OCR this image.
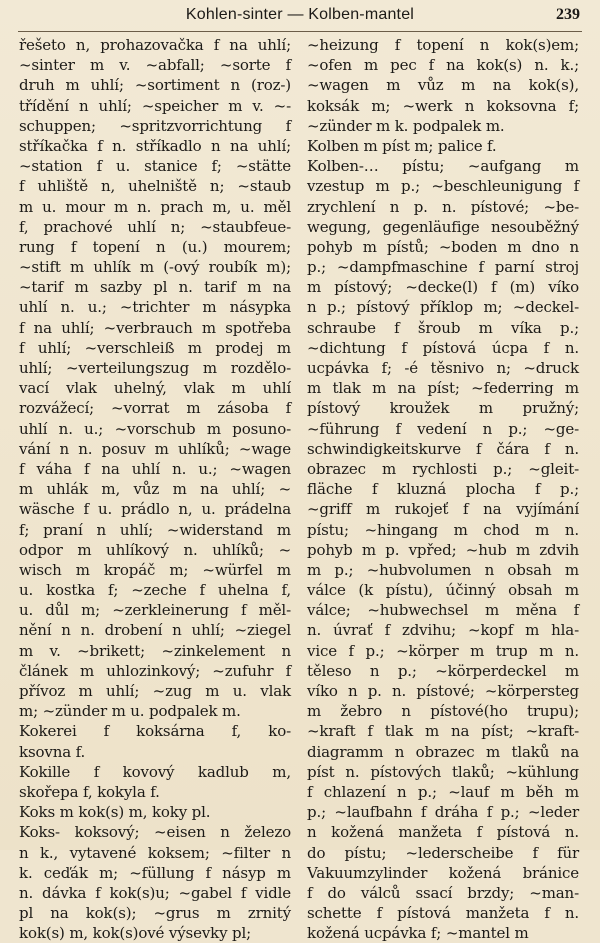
Kohlen-sinter — Kolben-mantel	239
řešeto n, prohazovačka f na uhlí;
~sinter m v. ~abfall; ~sorte f
druh m uhlí; ~sortiment n (roz-)
třídění n uhlí; ~speicher m v. ~-
schuppen; ~spritzvorrichtung f
stříkačka f n. stříkadlo n na uhlí;
~station f u. stanice f; ~stätte
f uhliště n, uhelniště n; ~staub
m u. mour m n. prach m, u. měl
f, prachové uhlí n; ~staubfeue-
rung f topení n (u.) mourem;
~stift m uhlík m (-ový roubík m);
~tarif m sazby pl n. tarif m na
uhlí n. u.; ~trichter m násypka
f na uhlí; ~verbrauch m spotřeba
f uhlí; ~verschleiß m prodej m
uhlí; ~verteilungszug m rozdělo-
vací vlak uhelný, vlak m uhlí
rozvážecí; ~vorrat m zásoba f
uhlí n. u.; ~vorschub m posuno-
vání n n. posuv m uhlíků; ~wage
f váha f na uhlí n. u.; ~wagen
m uhlák m, vůz m na uhlí; ~
wäsche f u. prádlo n, u. prádelna
f; praní n uhlí; ~widerstand m
odpor m uhlíkový n. uhlíků; ~
wisch m kropáč m; ~würfel m
u. kostka f; ~zeche f uhelna f,
u. důl m; ~zerkleinerung f měl-
nění n n. drobení n uhlí; ~ziegel
m v. ~brikett; ~zinkelement n
článek m uhlozinkový; ~zufuhr f
přívoz m uhlí; ~zug m u. vlak
m; ~zünder m u. podpalek m.
Kokerei f koksárna f, ko-
ksovna f.
Kokille f kovový kadlub m,
skořepa f, kokyla f.
Koks m kok(s) m, koky pl.
Koks- koksový; ~eisen n železo
n k., vytavené koksem; ~filter n
k. ceďák m; ~füllung f násyp m
n. dávka f kok(s)u; ~gabel f vidle
pl na kok(s); ~grus m zrnitý
kok(s) m, kok(s)ové výsevky pl;
~heizung f topení n kok(s)em;
~ofen m pec f na kok(s) n. k.;
~wagen m vůz m na kok(s),
koksák m; ~werk n koksovna f;
~zünder m k. podpalek m.
Kolben m píst m; palice f.
Kolben-… pístu; ~aufgang m
vzestup m p.; ~beschleunigung f
zrychlení n p. n. pístové; ~be-
wegung, gegenläufige nesouběžný
pohyb m pístů; ~boden m dno n
p.; ~dampfmaschine f parní stroj
m pístový; ~decke(l) f (m) víko
n p.; pístový příklop m; ~deckel-
schraube f šroub m víka p.;
~dichtung f pístová úcpa f n.
ucpávka f; -é těsnivo n; ~druck
m tlak m na píst; ~federring m
pístový kroužek m pružný;
~führung f vedení n p.; ~ge-
schwindigkeitskurve f čára f n.
obrazec m rychlosti p.; ~gleit-
fläche f kluzná plocha f p.;
~griff m rukojeť f na vyjímání
pístu; ~hingang m chod m n.
pohyb m p. vpřed; ~hub m zdvih
m p.; ~hubvolumen n obsah m
válce (k pístu), účinný obsah m
válce; ~hubwechsel m měna f
n. úvrať f zdvihu; ~kopf m hla-
vice f p.; ~körper m trup m n.
těleso n p.; ~körperdeckel m
víko n p. n. pístové; ~körpersteg
m žebro n pístové(ho trupu);
~kraft f tlak m na píst; ~kraft-
diagramm n obrazec m tlaků na
píst n. pístových tlaků; ~kühlung
f chlazení n p.; ~lauf m běh m
p.; ~laufbahn f dráha f p.; ~leder
n kožená manžeta f pístová n.
do pístu; ~lederscheibe f für
Vakuumzylinder kožená bránice
f do válců ssací brzdy; ~man-
schette f pístová manžeta f n.
kožená ucpávka f; ~mantel m
